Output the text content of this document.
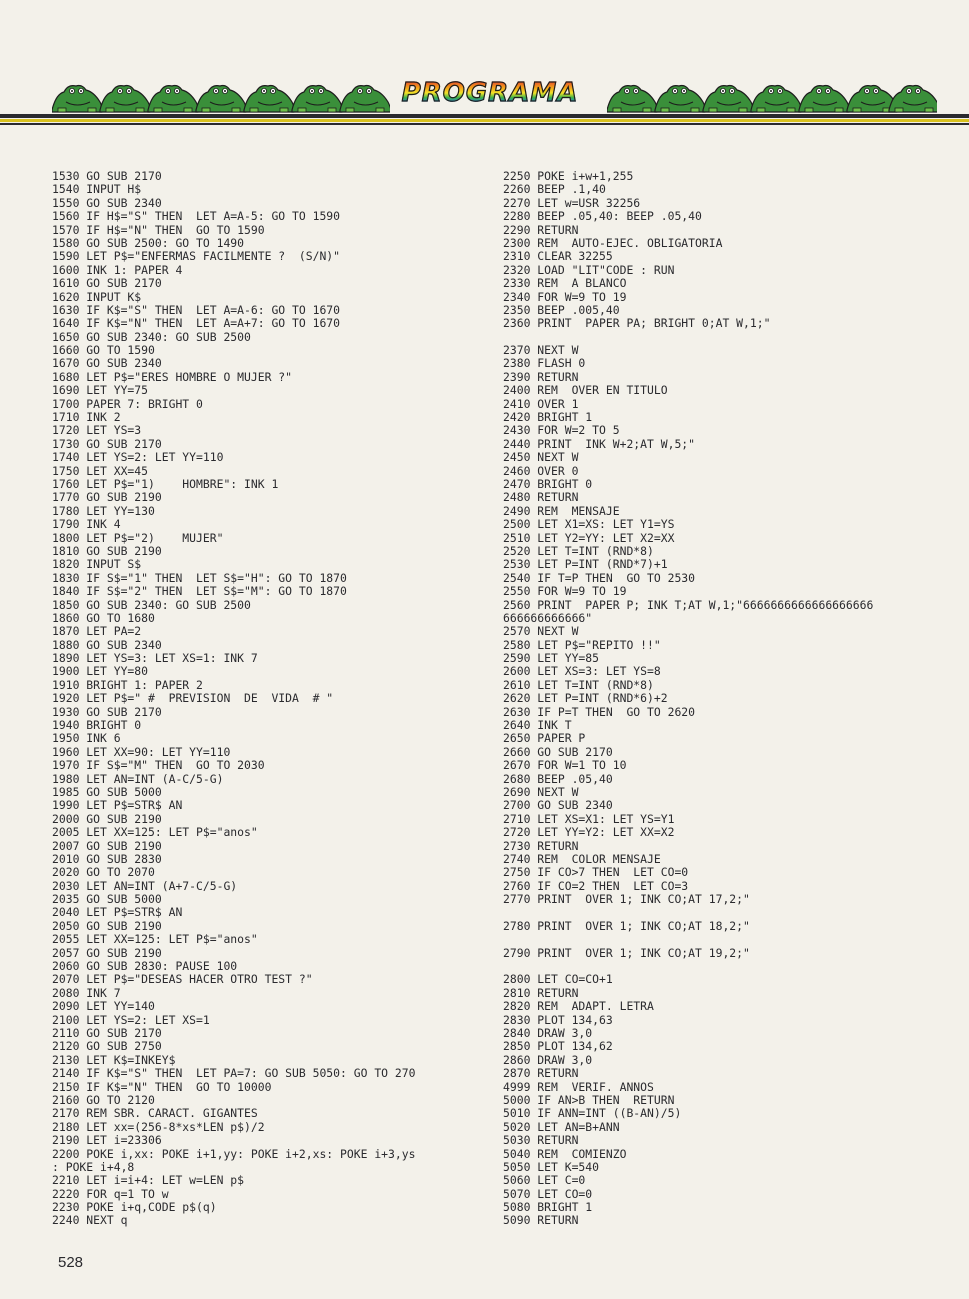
PROGRAMA
1530 GO SUB 2170
1540 INPUT H$
1550 GO SUB 2340
1560 IF H$="S" THEN  LET A=A-5: GO TO 1590
1570 IF H$="N" THEN  GO TO 1590
1580 GO SUB 2500: GO TO 1490
1590 LET P$="ENFERMAS FACILMENTE ?  (S/N)"
1600 INK 1: PAPER 4
1610 GO SUB 2170
1620 INPUT K$
1630 IF K$="S" THEN  LET A=A-6: GO TO 1670
1640 IF K$="N" THEN  LET A=A+7: GO TO 1670
1650 GO SUB 2340: GO SUB 2500
1660 GO TO 1590
1670 GO SUB 2340
1680 LET P$="ERES HOMBRE O MUJER ?"
1690 LET YY=75
1700 PAPER 7: BRIGHT 0
1710 INK 2
1720 LET YS=3
1730 GO SUB 2170
1740 LET YS=2: LET YY=110
1750 LET XX=45
1760 LET P$="1)    HOMBRE": INK 1
1770 GO SUB 2190
1780 LET YY=130
1790 INK 4
1800 LET P$="2)    MUJER"
1810 GO SUB 2190
1820 INPUT S$
1830 IF S$="1" THEN  LET S$="H": GO TO 1870
1840 IF S$="2" THEN  LET S$="M": GO TO 1870
1850 GO SUB 2340: GO SUB 2500
1860 GO TO 1680
1870 LET PA=2
1880 GO SUB 2340
1890 LET YS=3: LET XS=1: INK 7
1900 LET YY=80
1910 BRIGHT 1: PAPER 2
1920 LET P$=" #  PREVISION  DE  VIDA  # "
1930 GO SUB 2170
1940 BRIGHT 0
1950 INK 6
1960 LET XX=90: LET YY=110
1970 IF S$="M" THEN  GO TO 2030
1980 LET AN=INT (A-C/5-G)
1985 GO SUB 5000
1990 LET P$=STR$ AN
2000 GO SUB 2190
2005 LET XX=125: LET P$="anos"
2007 GO SUB 2190
2010 GO SUB 2830
2020 GO TO 2070
2030 LET AN=INT (A+7-C/5-G)
2035 GO SUB 5000
2040 LET P$=STR$ AN
2050 GO SUB 2190
2055 LET XX=125: LET P$="anos"
2057 GO SUB 2190
2060 GO SUB 2830: PAUSE 100
2070 LET P$="DESEAS HACER OTRO TEST ?"
2080 INK 7
2090 LET YY=140
2100 LET YS=2: LET XS=1
2110 GO SUB 2170
2120 GO SUB 2750
2130 LET K$=INKEY$
2140 IF K$="S" THEN  LET PA=7: GO SUB 5050: GO TO 270
2150 IF K$="N" THEN  GO TO 10000
2160 GO TO 2120
2170 REM SBR. CARACT. GIGANTES
2180 LET xx=(256-8*xs*LEN p$)/2
2190 LET i=23306
2200 POKE i,xx: POKE i+1,yy: POKE i+2,xs: POKE i+3,ys
: POKE i+4,8
2210 LET i=i+4: LET w=LEN p$
2220 FOR q=1 TO w
2230 POKE i+q,CODE p$(q)
2240 NEXT q
2250 POKE i+w+1,255
2260 BEEP .1,40
2270 LET w=USR 32256
2280 BEEP .05,40: BEEP .05,40
2290 RETURN
2300 REM  AUTO-EJEC. OBLIGATORIA
2310 CLEAR 32255
2320 LOAD "LIT"CODE : RUN
2330 REM  A BLANCO
2340 FOR W=9 TO 19
2350 BEEP .005,40
2360 PRINT  PAPER PA; BRIGHT 0;AT W,1;"
2370 NEXT W
2380 FLASH 0
2390 RETURN
2400 REM  OVER EN TITULO
2410 OVER 1
2420 BRIGHT 1
2430 FOR W=2 TO 5
2440 PRINT  INK W+2;AT W,5;"
2450 NEXT W
2460 OVER 0
2470 BRIGHT 0
2480 RETURN
2490 REM  MENSAJE
2500 LET X1=XS: LET Y1=YS
2510 LET Y2=YY: LET X2=XX
2520 LET T=INT (RND*8)
2530 LET P=INT (RND*7)+1
2540 IF T=P THEN  GO TO 2530
2550 FOR W=9 TO 19
2560 PRINT  PAPER P; INK T;AT W,1;"6666666666666666666
666666666666"
2570 NEXT W
2580 LET P$="REPITO !!"
2590 LET YY=85
2600 LET XS=3: LET YS=8
2610 LET T=INT (RND*8)
2620 LET P=INT (RND*6)+2
2630 IF P=T THEN  GO TO 2620
2640 INK T
2650 PAPER P
2660 GO SUB 2170
2670 FOR W=1 TO 10
2680 BEEP .05,40
2690 NEXT W
2700 GO SUB 2340
2710 LET XS=X1: LET YS=Y1
2720 LET YY=Y2: LET XX=X2
2730 RETURN
2740 REM  COLOR MENSAJE
2750 IF CO>7 THEN  LET CO=0
2760 IF CO=2 THEN  LET CO=3
2770 PRINT  OVER 1; INK CO;AT 17,2;"
2780 PRINT  OVER 1; INK CO;AT 18,2;"
2790 PRINT  OVER 1; INK CO;AT 19,2;"
2800 LET CO=CO+1
2810 RETURN
2820 REM  ADAPT. LETRA
2830 PLOT 134,63
2840 DRAW 3,0
2850 PLOT 134,62
2860 DRAW 3,0
2870 RETURN
4999 REM  VERIF. ANNOS
5000 IF AN>B THEN  RETURN
5010 IF ANN=INT ((B-AN)/5)
5020 LET AN=B+ANN
5030 RETURN
5040 REM  COMIENZO
5050 LET K=540
5060 LET C=0
5070 LET CO=0
5080 BRIGHT 1
5090 RETURN
528
